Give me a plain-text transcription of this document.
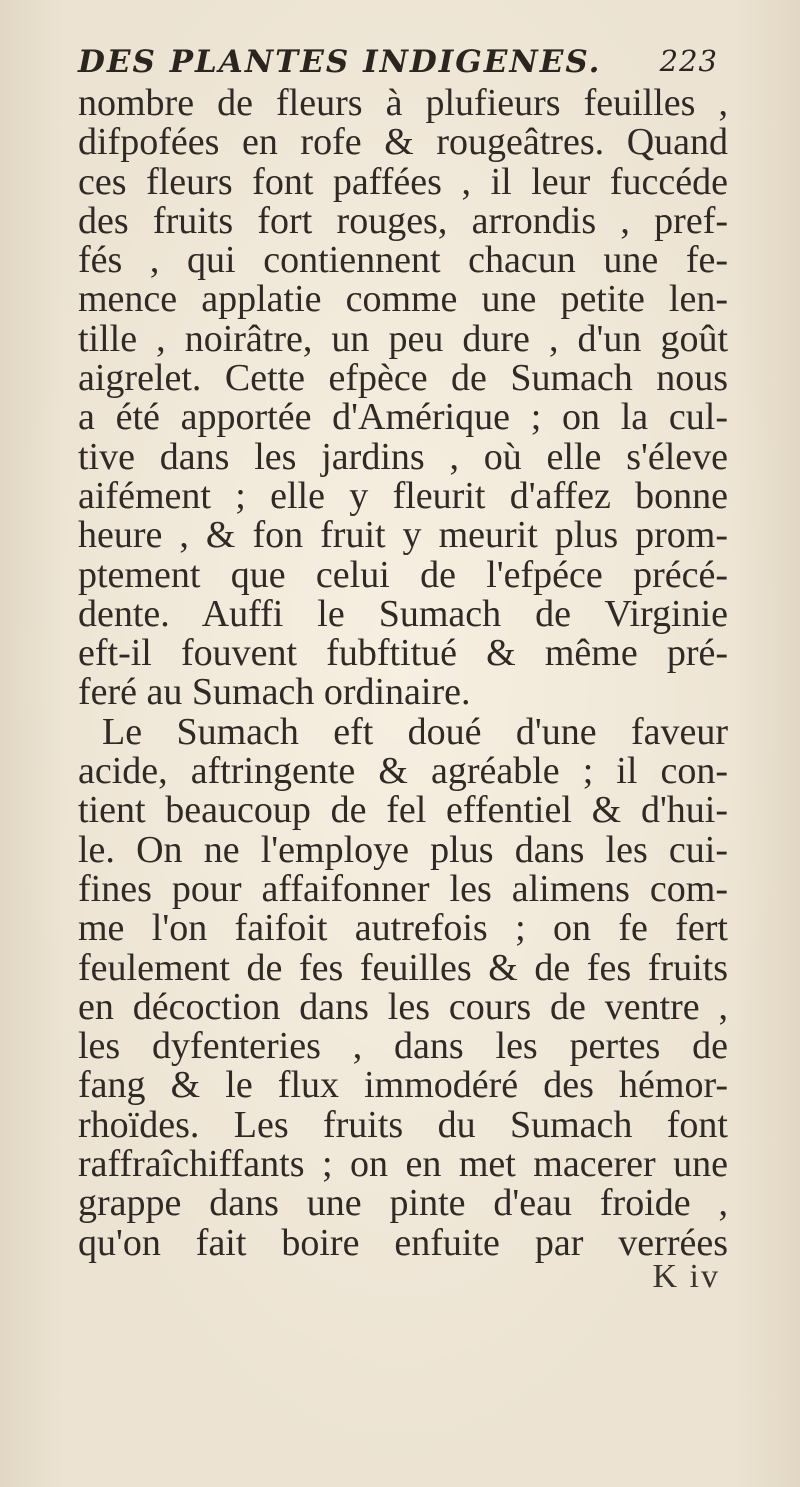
DES PLANTES INDIGENES. 223
nombre de fleurs à plufieurs feuilles ,
difpofées en rofe & rougeâtres. Quand
ces fleurs font paffées , il leur fuccéde
des fruits fort rouges, arrondis , pref-
fés , qui contiennent chacun une fe-
mence applatie comme une petite len-
tille , noirâtre, un peu dure , d'un goût
aigrelet. Cette efpèce de Sumach nous
a été apportée d'Amérique ; on la cul-
tive dans les jardins , où elle s'éleve
aifément ; elle y fleurit d'affez bonne
heure , & fon fruit y meurit plus prom-
ptement que celui de l'efpéce précé-
dente. Auffi le Sumach de Virginie
eft-il fouvent fubftitué & même pré-
feré au Sumach ordinaire.
Le Sumach eft doué d'une faveur
acide, aftringente & agréable ; il con-
tient beaucoup de fel effentiel & d'hui-
le. On ne l'employe plus dans les cui-
fines pour affaifonner les alimens com-
me l'on faifoit autrefois ; on fe fert
feulement de fes feuilles & de fes fruits
en décoction dans les cours de ventre ,
les dyfenteries , dans les pertes de
fang & le flux immodéré des hémor-
rhoïdes. Les fruits du Sumach font
raffraîchiffants ; on en met macerer une
grappe dans une pinte d'eau froide ,
qu'on fait boire enfuite par verrées
K iv
